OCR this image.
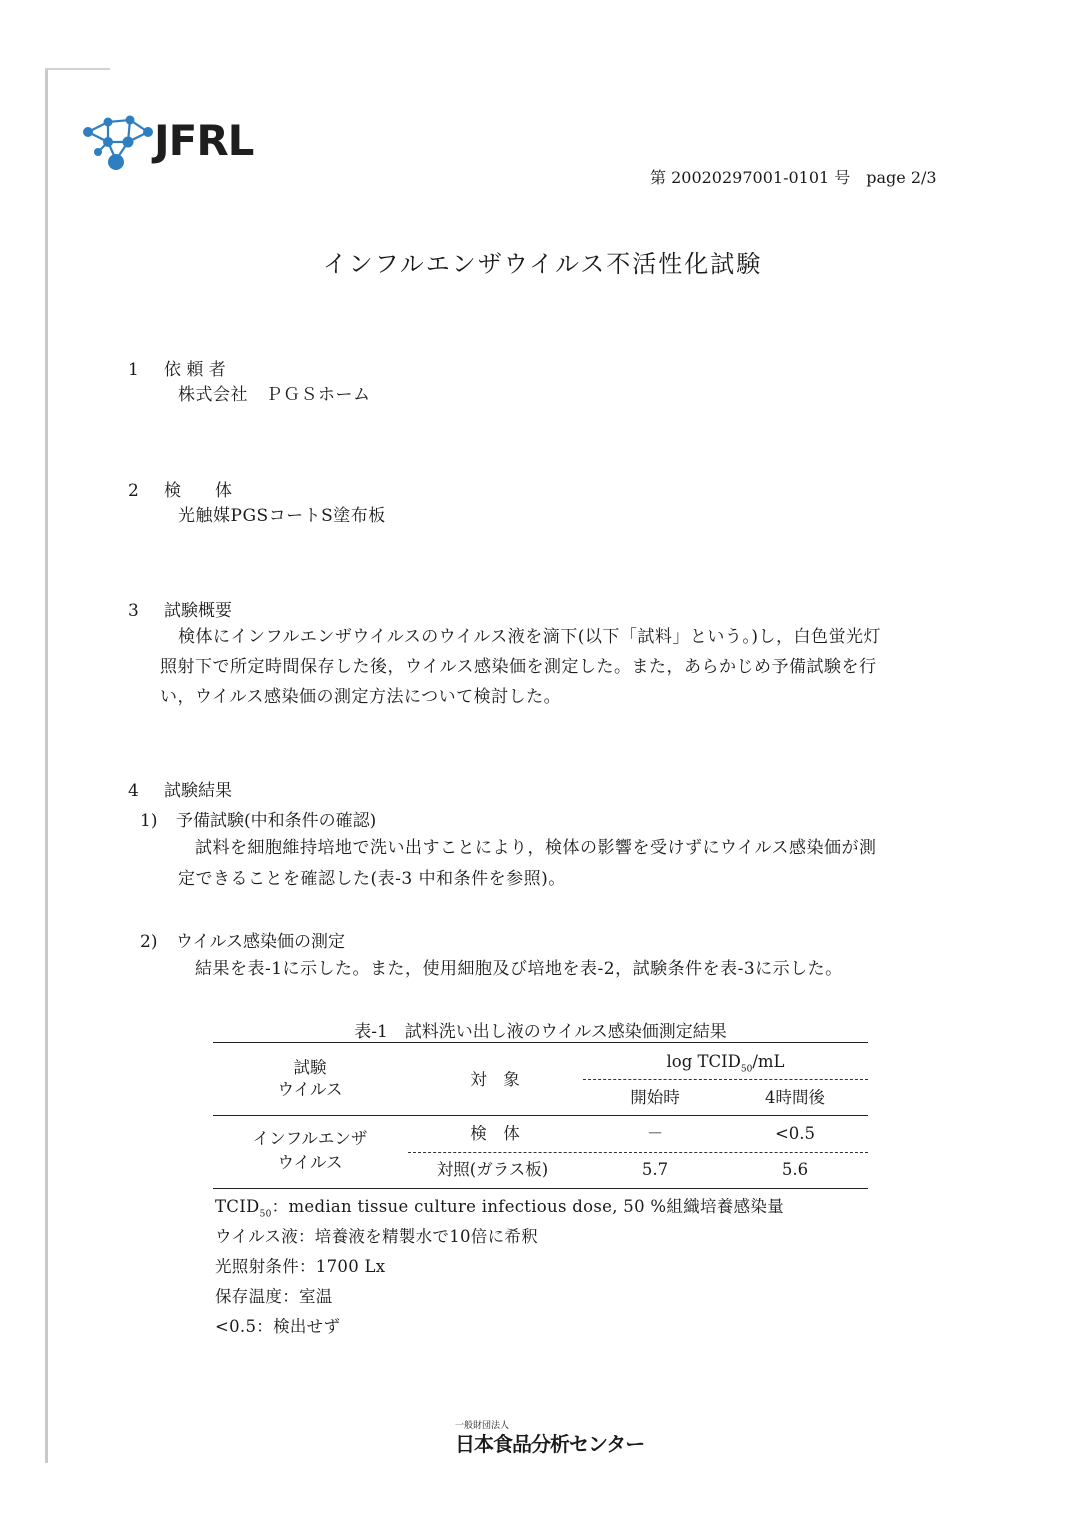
JFRL
第 20020297001-0101 号　page 2/3
インフルエンザウイルス不活性化試験
1 依 頼 者
株式会社　ＰＧＳホーム
2 検　　体
光触媒PGSコートS塗布板
3 試験概要
検体にインフルエンザウイルスのウイルス液を滴下(以下「試料」という。)し，白色蛍光灯
照射下で所定時間保存した後，ウイルス感染価を測定した。また，あらかじめ予備試験を行
い，ウイルス感染価の測定方法について検討した。
4 試験結果
1) 予備試験(中和条件の確認)
試料を細胞維持培地で洗い出すことにより，検体の影響を受けずにウイルス感染価が測
定できることを確認した(表-3 中和条件を参照)。
2) ウイルス感染価の測定
結果を表-1に示した。また，使用細胞及び培地を表-2，試験条件を表-3に示した。
表-1　試料洗い出し液のウイルス感染価測定結果
試験
ウイルス
対　象
$\log TCID_{50}/mL$
開始時	4時間後
インフルエンザ
ウイルス
検　体	－	<0.5
対照(ガラス板)	5.7	5.6
$TCID_{50}$：median tissue culture infectious dose, 50 %組織培養感染量
ウイルス液：培養液を精製水で10倍に希釈
光照射条件：1700 Lx
保存温度：室温
<0.5：検出せず
一般財団法人
日本食品分析センター
